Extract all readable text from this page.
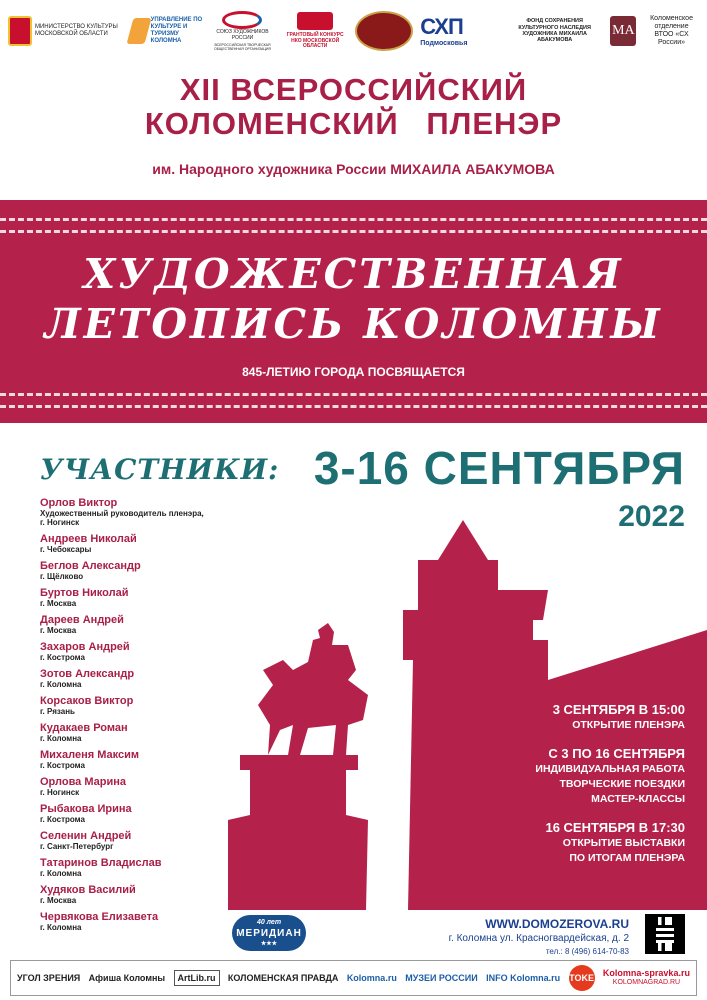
МИНИСТЕРСТВО КУЛЬТУРЫ МОСКОВСКОЙ ОБЛАСТИ
УПРАВЛЕНИЕ ПО КУЛЬТУРЕ И ТУРИЗМУ КОЛОМНА
СОЮЗ ХУДОЖНИКОВ РОССИИ
ВСЕРОССИЙСКАЯ ТВОРЧЕСКАЯ ОБЩЕСТВЕННАЯ ОРГАНИЗАЦИЯ
ГРАНТОВЫЙ КОНКУРС НКО МОСКОВСКОЙ ОБЛАСТИ
СХП
Подмосковья
ФОНД СОХРАНЕНИЯ КУЛЬТУРНОГО НАСЛЕДИЯ ХУДОЖНИКА МИХАИЛА АБАКУМОВА
MA
Коломенское отделение ВТОО «СХ России»
XII ВСЕРОССИЙСКИЙ
КОЛОМЕНСКИЙ ПЛЕНЭР
им. Народного художника России МИХАИЛА АБАКУМОВА
ХУДОЖЕСТВЕННАЯ
ЛЕТОПИСЬ КОЛОМНЫ
845-ЛЕТИЮ ГОРОДА ПОСВЯЩАЕТСЯ
3-16 СЕНТЯБРЯ
2022
УЧАСТНИКИ:
Орлов Виктор
Художественный руководитель пленэра,
г. Ногинск
Андреев Николай
г. Чебоксары
Беглов Александр
г. Щёлково
Буртов Николай
г. Москва
Дареев Андрей
г. Москва
Захаров Андрей
г. Кострома
Зотов Александр
г. Коломна
Корсаков Виктор
г. Рязань
Кудакаев Роман
г. Коломна
Михаленя Максим
г. Кострома
Орлова Марина
г. Ногинск
Рыбакова Ирина
г. Кострома
Селенин Андрей
г. Санкт-Петербург
Татаринов Владислав
г. Коломна
Худяков Василий
г. Москва
Червякова Елизавета
г. Коломна
3 СЕНТЯБРЯ В 15:00
ОТКРЫТИЕ ПЛЕНЭРА
С 3 ПО 16 СЕНТЯБРЯ
ИНДИВИДУАЛЬНАЯ РАБОТА
ТВОРЧЕСКИЕ ПОЕЗДКИ
МАСТЕР-КЛАССЫ
16 СЕНТЯБРЯ В 17:30
ОТКРЫТИЕ ВЫСТАВКИ
ПО ИТОГАМ ПЛЕНЭРА
40 лет
МЕРИДИАН
★★★
WWW.DOMOZEROVA.RU
г. Коломна ул. Красногвардейская, д. 2
тел.: 8 (496) 614-70-83
УГОЛ ЗРЕНИЯ Афиша Коломны	ArtLib.ru	КОЛОМЕНСКАЯ ПРАВДА Kolomna.ru МУЗЕИ РОССИИ INFO Kolomna.ru TOKE Kolomna-spravka.ru
KOLOMNAGRAD.RU
